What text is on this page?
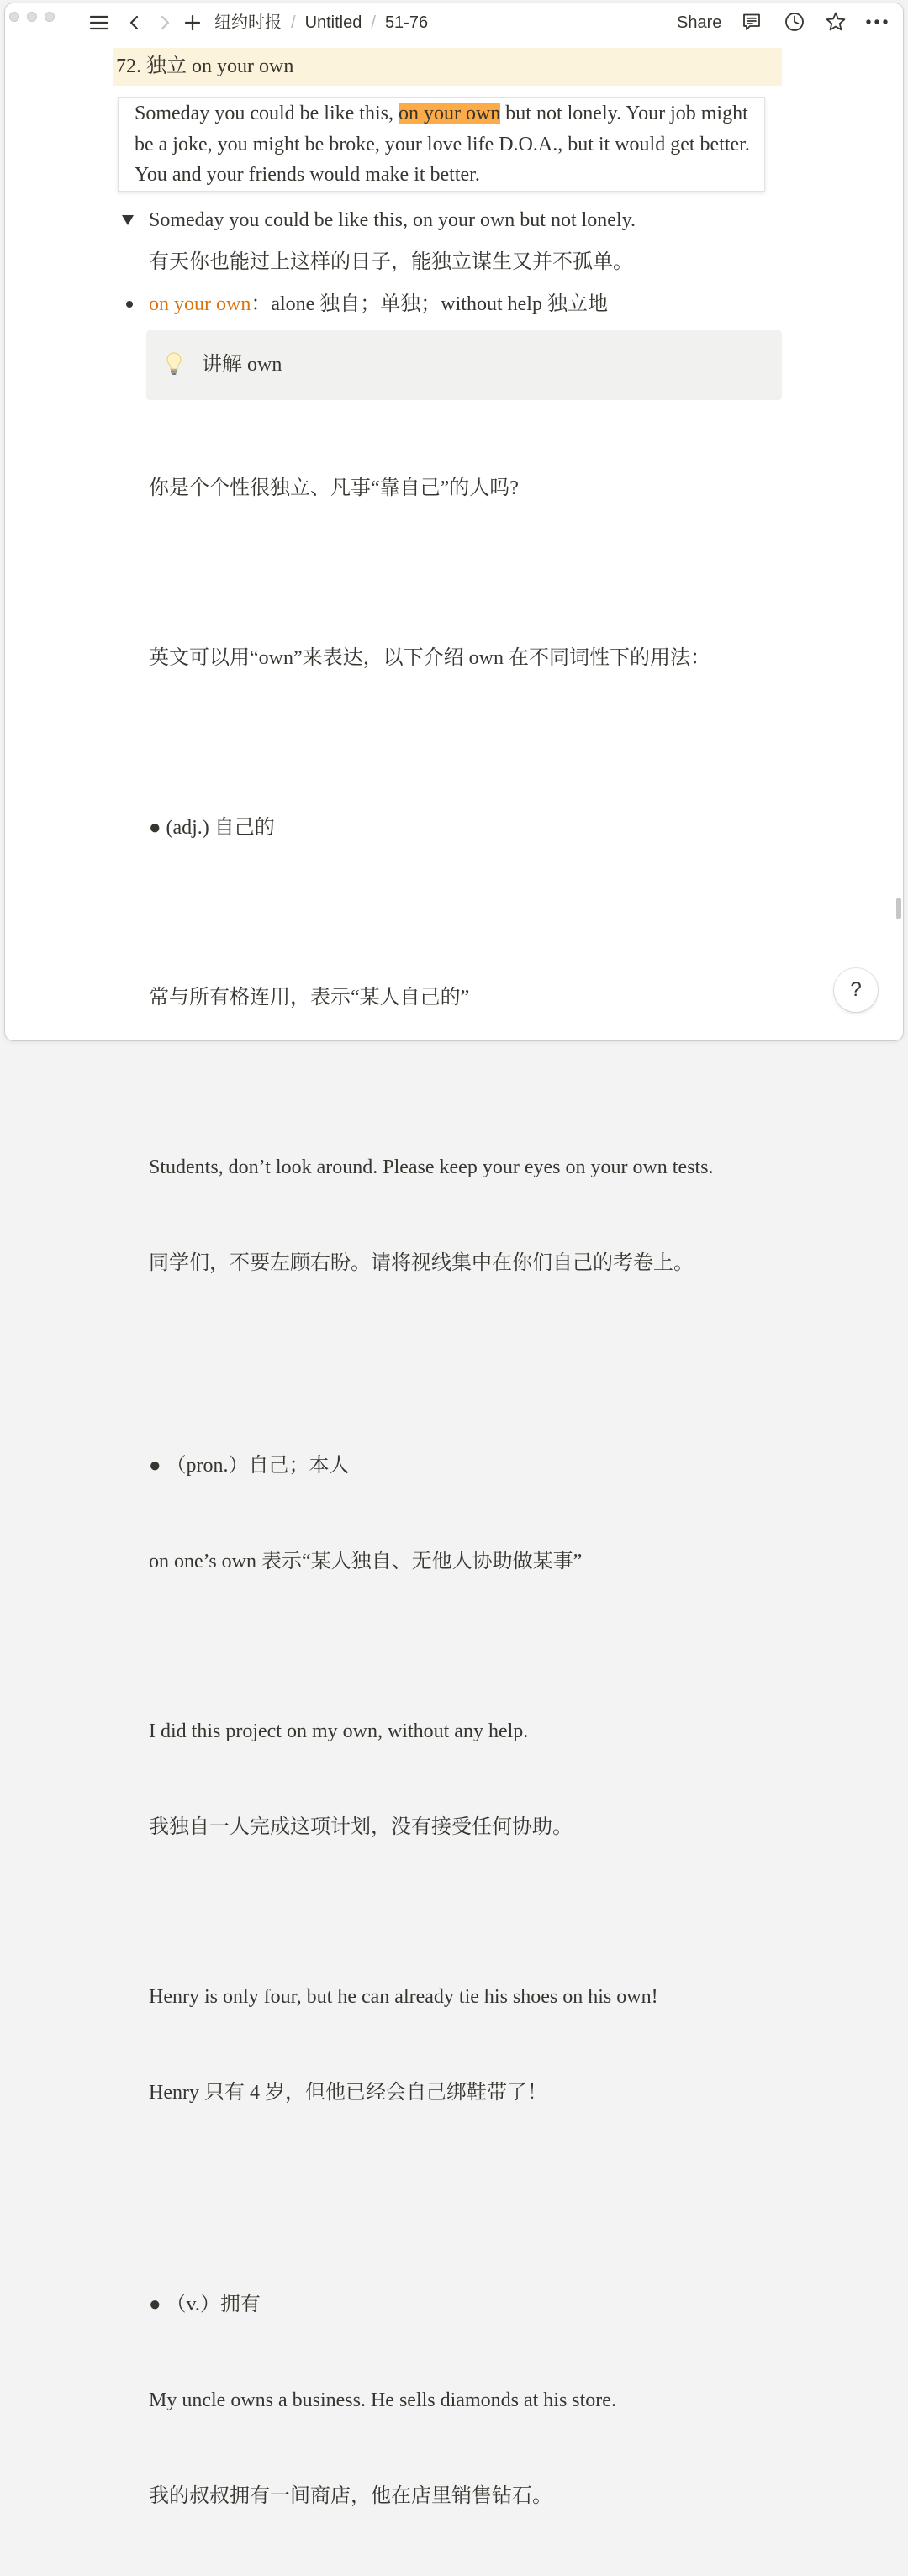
纽约时报 / Untitled / 51-76	Share
72. 独立 on your own
Someday you could be like this, on your own but not lonely. Your job might be a joke, you might be broke, your love life D.O.A., but it would get better. You and your friends would make it better.
Someday you could be like this, on your own but not lonely.
有天你也能过上这样的日子，能独立谋生又并不孤单。
on your own：alone 独自；单独；without help 独立地
讲解 own

你是个个性很独立、凡事“靠自己”的人吗?

英文可以用“own”来表达，以下介绍 own 在不同词性下的用法：

● (adj.) 自己的

常与所有格连用，表示“某人自己的”

Students, don’t look around. Please keep your eyes on your own tests.

同学们，不要左顾右盼。请将视线集中在你们自己的考卷上。

● （pron.）自己；本人

on one’s own 表示“某人独自、无他人协助做某事”

I did this project on my own, without any help.

我独自一人完成这项计划，没有接受任何协助。

Henry is only four, but he can already tie his shoes on his own!

Henry 只有 4 岁，但他已经会自己绑鞋带了！

● （v.）拥有

My uncle owns a business. He sells diamonds at his store.

我的叔叔拥有一间商店，他在店里销售钻石。

?
